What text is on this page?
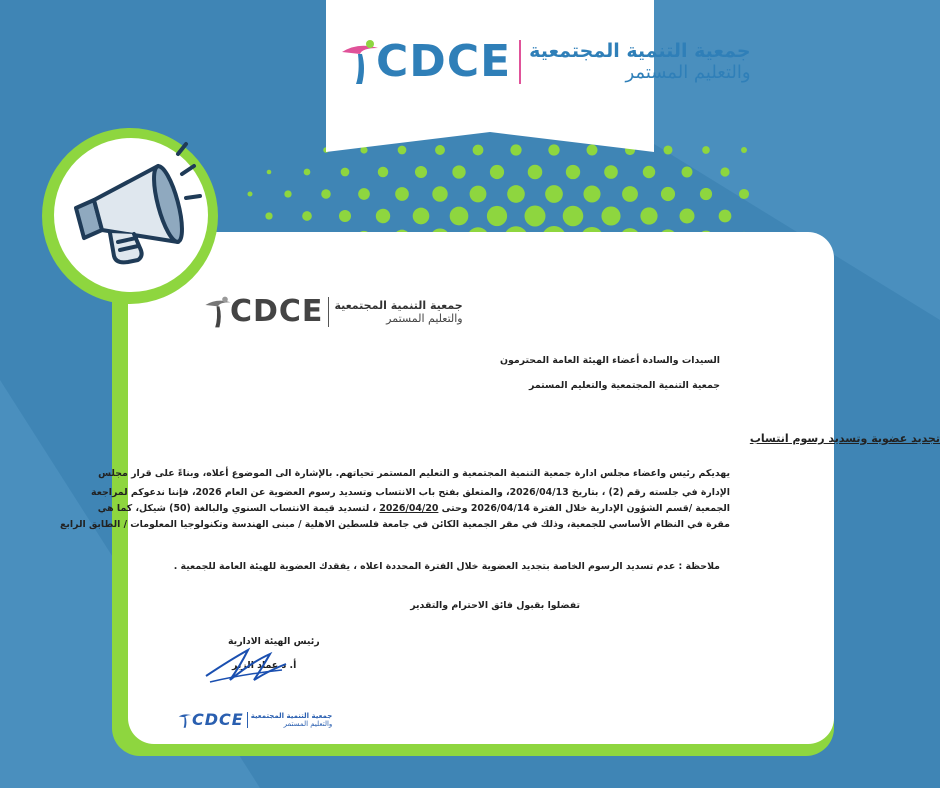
CDCE جمعية التنمية المجتمعية
والتعليم المستمر
CDCE جمعية التنمية المجتمعية
والتعليم المستمر
السيدات والسادة أعضاء الهيئة العامة المحترمون
جمعية التنمية المجتمعية والتعليم المستمر
تجديد عضوية وتسديد رسوم انتساب
يهديكم رئيس واعضاء مجلس ادارة جمعية التنمية المجتمعية و التعليم المستمر تحياتهم. بالإشارة الى الموضوع أعلاه، وبناءً على قرار مجلس
الإدارة في جلسته رقم (2) ، بتاريخ 2026/04/13، والمتعلق بفتح باب الانتساب وتسديد رسوم العضوية عن العام 2026، فإننا ندعوكم لمراجعة
الجمعية /قسم الشؤون الإدارية خلال الفترة 2026/04/14 وحتى 2026/04/20 ، لتسديد قيمة الانتساب السنوي والبالغة (50) شيكل، كما هي
مقرة في النظام الأساسي للجمعية، وذلك في مقر الجمعية الكائن في جامعة فلسطين الاهلية / مبنى الهندسة وتكنولوجيا المعلومات / الطابق الرابع
ملاحظة : عدم تسديد الرسوم الخاصة بتجديد العضوية خلال الفترة المحددة اعلاه ، يفقدك العضوية للهيئة العامة للجمعية .
تفضلوا بقبول فائق الاحترام والتقدير
رئيس الهيئة الادارية
أ. د عماد الزير
CDCE جمعية التنمية المجتمعية
والتعليم المستمر
